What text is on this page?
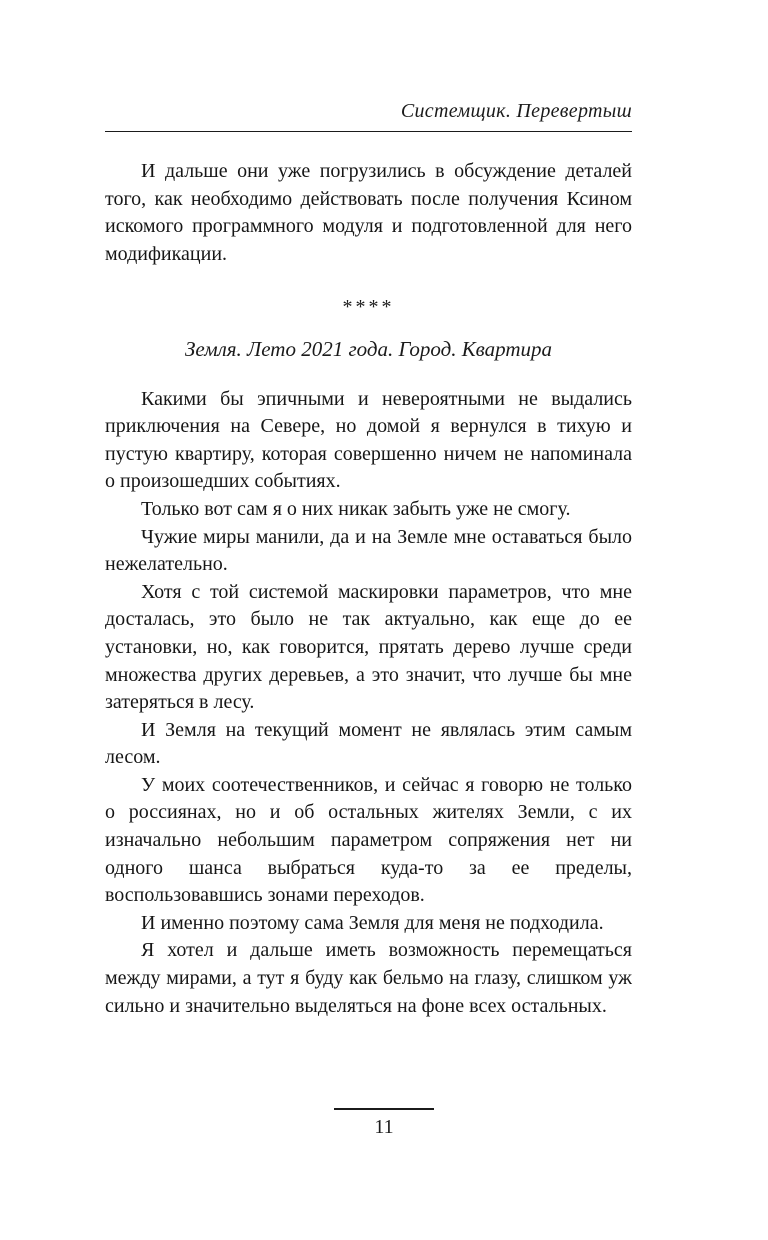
Системщик. Перевертыш

И дальше они уже погрузились в обсуждение деталей того, как необходимо действовать после получения Ксином искомого программного модуля и подготовленной для него модификации.

****
Земля. Лето 2021 года. Город. Квартира

Какими бы эпичными и невероятными не выдались приключения на Севере, но домой я вернулся в тихую и пустую квартиру, которая совершенно ничем не напоминала о произошедших событиях.

Только вот сам я о них никак забыть уже не смогу.

Чужие миры манили, да и на Земле мне оставаться было нежелательно.

Хотя с той системой маскировки параметров, что мне досталась, это было не так актуально, как еще до ее установки, но, как говорится, прятать дерево лучше среди множества других деревьев, а это значит, что лучше бы мне затеряться в лесу.

И Земля на текущий момент не являлась этим самым лесом.

У моих соотечественников, и сейчас я говорю не только о россиянах, но и об остальных жителях Земли, с их изначально небольшим параметром сопряжения нет ни одного шанса выбраться куда-то за ее пределы, воспользовавшись зонами переходов.

И именно поэтому сама Земля для меня не подходила.

Я хотел и дальше иметь возможность перемещаться между мирами, а тут я буду как бельмо на глазу, слишком уж сильно и значительно выделяться на фоне всех остальных.

11
